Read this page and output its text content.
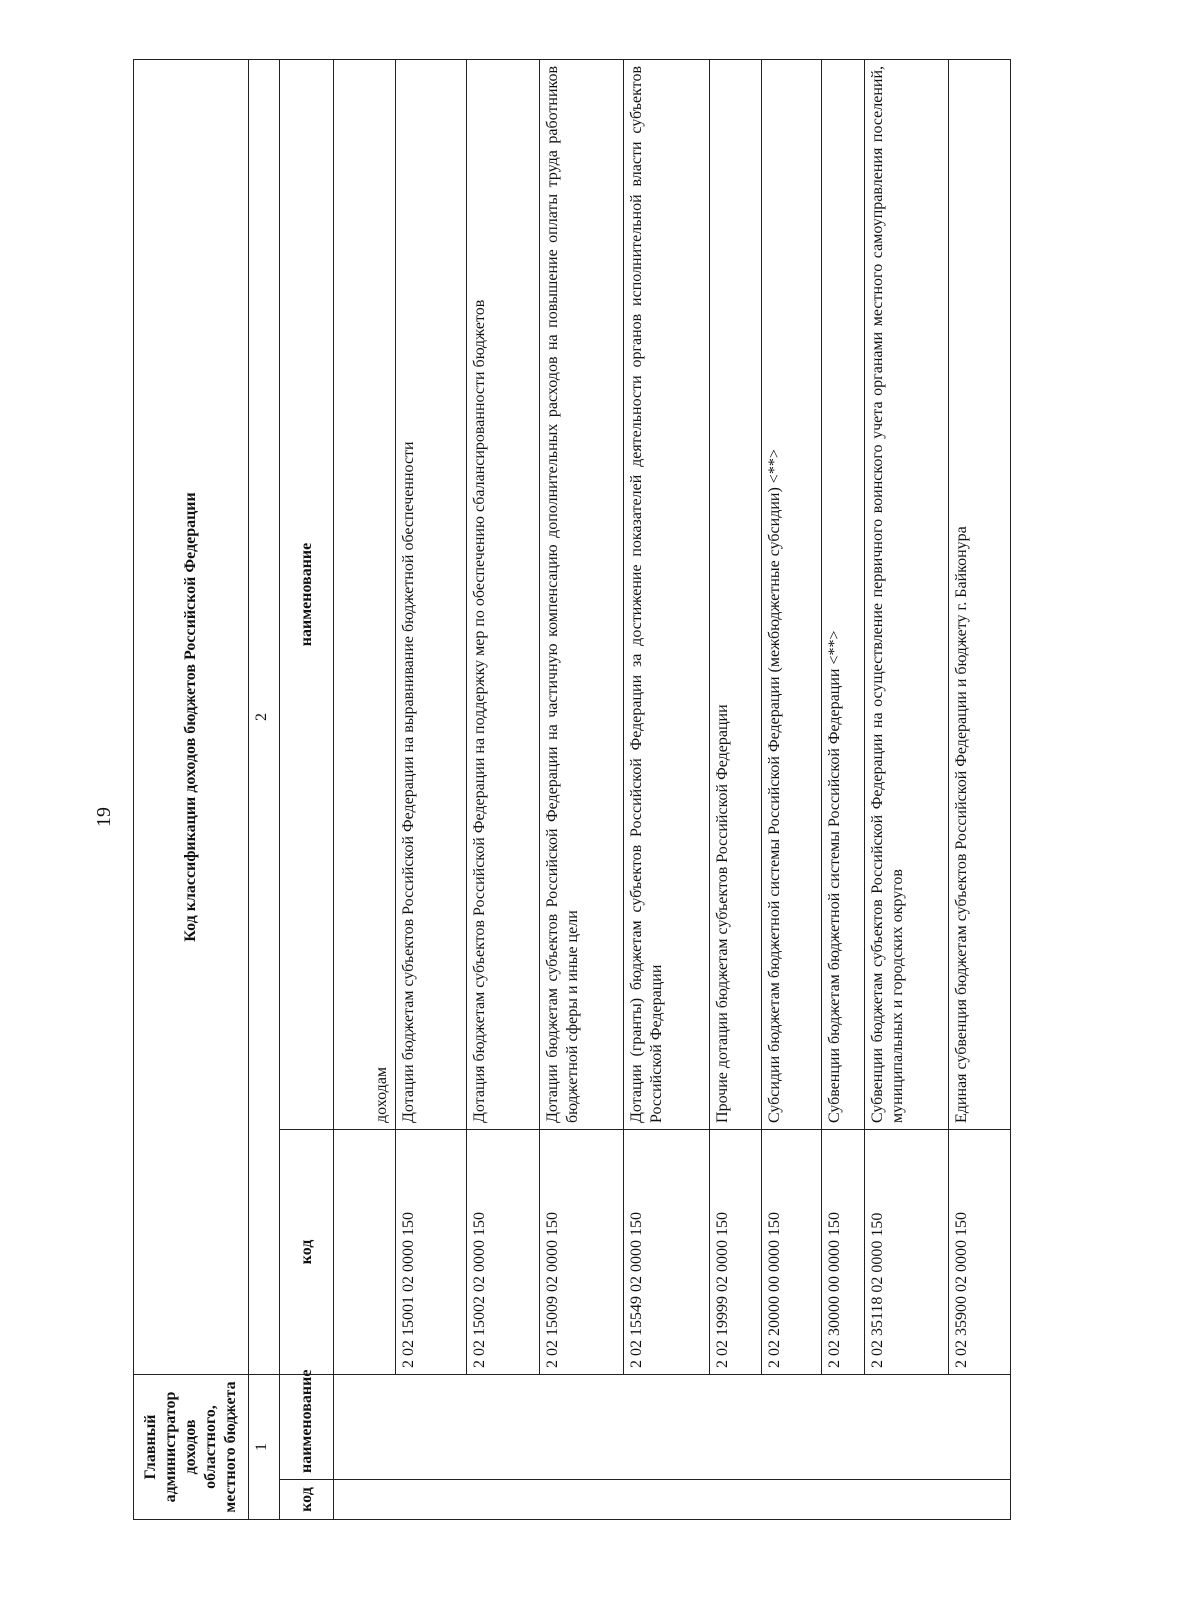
19
Главный администратор доходов областного, местного бюджета		Код классификации доходов бюджетов Российской Федерации	
1		2	
код	наименование	код	наименование
			доходам
		2 02 15001 02 0000 150	Дотации бюджетам субъектов Российской Федерации на выравнивание бюджетной обеспеченности
		2 02 15002 02 0000 150	Дотация бюджетам субъектов Российской Федерации на поддержку мер по обеспечению сбалансированности бюджетов
		2 02 15009 02 0000 150	Дотации бюджетам субъектов Российской Федерации на частичную компенсацию дополнительных расходов на повышение оплаты труда работников бюджетной сферы и иные цели
		2 02 15549 02 0000 150	Дотации (гранты) бюджетам субъектов Российской Федерации за достижение показателей деятельности органов исполнительной власти субъектов Российской Федерации
		2 02 19999 02 0000 150	Прочие дотации бюджетам субъектов Российской Федерации
		2 02 20000 00 0000 150	Субсидии бюджетам бюджетной системы Российской Федерации (межбюджетные субсидии) <**>
		2 02 30000 00 0000 150	Субвенции бюджетам бюджетной системы Российской Федерации <**>
		2 02 35118 02 0000 150	Субвенции бюджетам субъектов Российской Федерации на осуществление первичного воинского учета органами местного самоуправления поселений, муниципальных и городских округов
		2 02 35900 02 0000 150	Единая субвенция бюджетам субъектов Российской Федерации и бюджету г. Байконура
